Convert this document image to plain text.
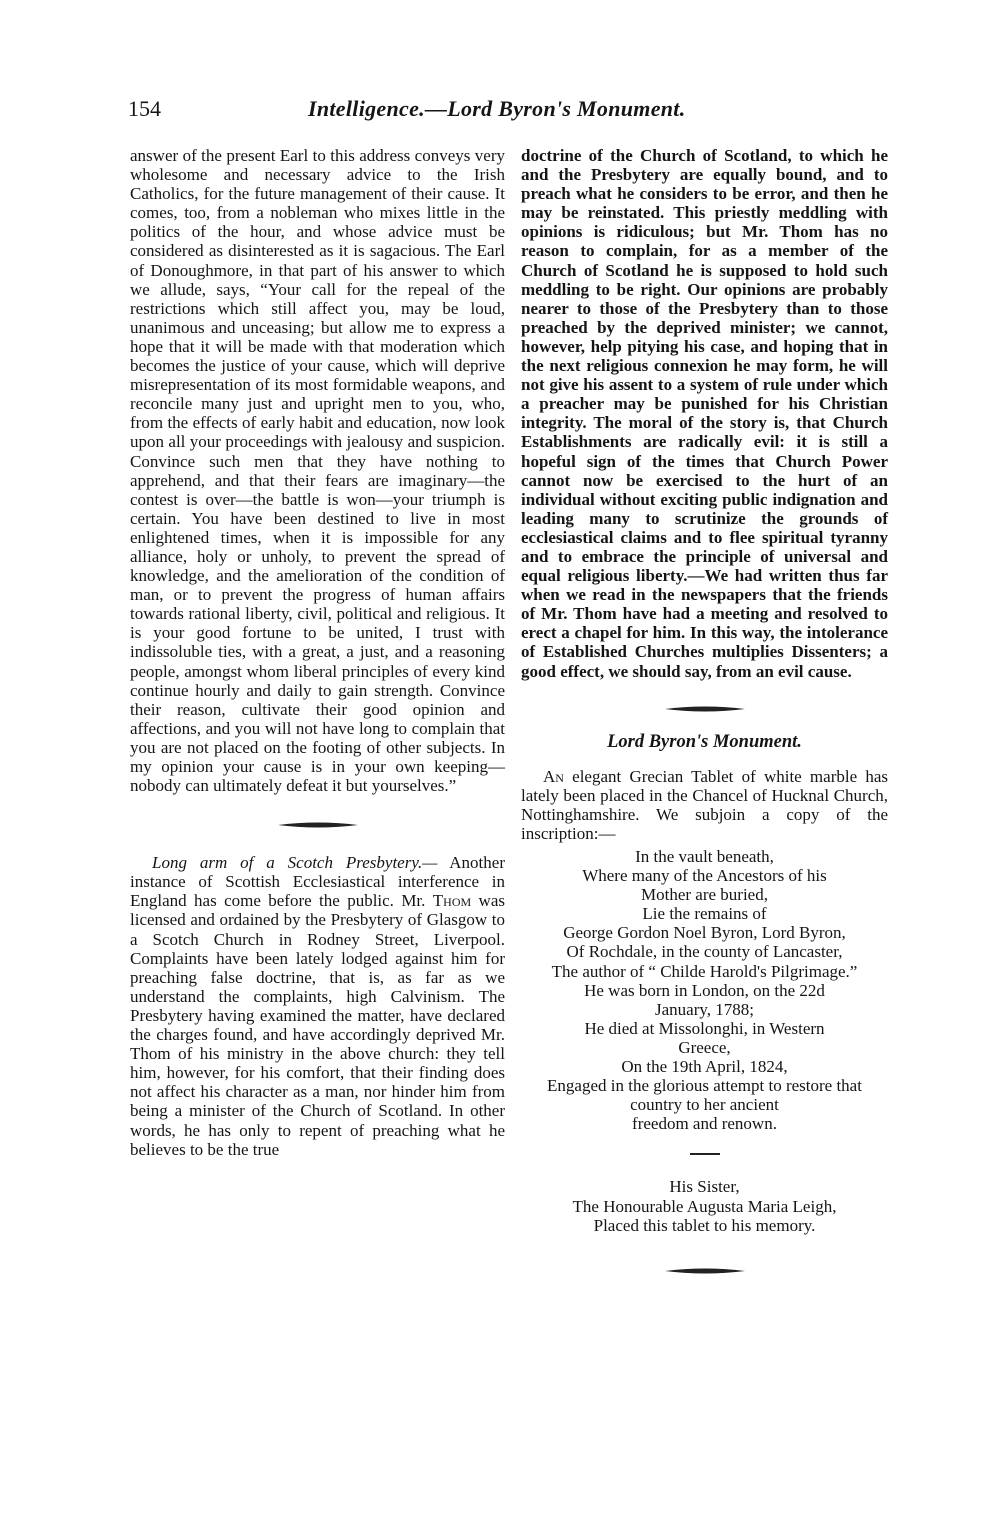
154	Intelligence.—Lord Byron's Monument.

answer of the present Earl to this address conveys very wholesome and necessary advice to the Irish Catholics, for the future management of their cause. It comes, too, from a nobleman who mixes little in the politics of the hour, and whose advice must be considered as disinterested as it is sagacious. The Earl of Donoughmore, in that part of his answer to which we allude, says, “Your call for the repeal of the restrictions which still affect you, may be loud, unanimous and unceasing; but allow me to express a hope that it will be made with that moderation which becomes the justice of your cause, which will deprive misrepresentation of its most formidable weapons, and reconcile many just and upright men to you, who, from the effects of early habit and education, now look upon all your proceedings with jealousy and suspicion. Convince such men that they have nothing to apprehend, and that their fears are imaginary—the contest is over—the battle is won—your triumph is certain. You have been destined to live in most enlightened times, when it is impossible for any alliance, holy or unholy, to prevent the spread of knowledge, and the amelioration of the condition of man, or to prevent the progress of human affairs towards rational liberty, civil, political and religious. It is your good fortune to be united, I trust with indissoluble ties, with a great, a just, and a reasoning people, amongst whom liberal principles of every kind continue hourly and daily to gain strength. Convince their reason, cultivate their good opinion and affections, and you will not have long to complain that you are not placed on the footing of other subjects. In my opinion your cause is in your own keeping—nobody can ultimately defeat it but yourselves.”

Long arm of a Scotch Presbytery.— Another instance of Scottish Ecclesiastical interference in England has come before the public. Mr. Thom was licensed and ordained by the Presbytery of Glasgow to a Scotch Church in Rodney Street, Liverpool. Complaints have been lately lodged against him for preaching false doctrine, that is, as far as we understand the complaints, high Calvinism. The Presbytery having examined the matter, have declared the charges found, and have accordingly deprived Mr. Thom of his ministry in the above church: they tell him, however, for his comfort, that their finding does not affect his character as a man, nor hinder him from being a minister of the Church of Scotland. In other words, he has only to repent of preaching what he believes to be the true

doctrine of the Church of Scotland, to which he and the Presbytery are equally bound, and to preach what he considers to be error, and then he may be reinstated. This priestly meddling with opinions is ridiculous; but Mr. Thom has no reason to complain, for as a member of the Church of Scotland he is supposed to hold such meddling to be right. Our opinions are probably nearer to those of the Presbytery than to those preached by the deprived minister; we cannot, however, help pitying his case, and hoping that in the next religious connexion he may form, he will not give his assent to a system of rule under which a preacher may be punished for his Christian integrity. The moral of the story is, that Church Establishments are radically evil: it is still a hopeful sign of the times that Church Power cannot now be exercised to the hurt of an individual without exciting public indignation and leading many to scrutinize the grounds of ecclesiastical claims and to flee spiritual tyranny and to embrace the principle of universal and equal religious liberty.—We had written thus far when we read in the newspapers that the friends of Mr. Thom have had a meeting and resolved to erect a chapel for him. In this way, the intolerance of Established Churches multiplies Dissenters; a good effect, we should say, from an evil cause.

Lord Byron's Monument.

An elegant Grecian Tablet of white marble has lately been placed in the Chancel of Hucknal Church, Nottinghamshire. We subjoin a copy of the inscription:—

In the vault beneath,
Where many of the Ancestors of his
Mother are buried,
Lie the remains of
George Gordon Noel Byron, Lord Byron,
Of Rochdale, in the county of Lancaster,
The author of “ Childe Harold's Pilgrimage.”
He was born in London, on the 22d
January, 1788;
He died at Missolonghi, in Western
Greece,
On the 19th April, 1824,
Engaged in the glorious attempt to restore that country to her ancient
freedom and renown.
His Sister,
The Honourable Augusta Maria Leigh,
Placed this tablet to his memory.
